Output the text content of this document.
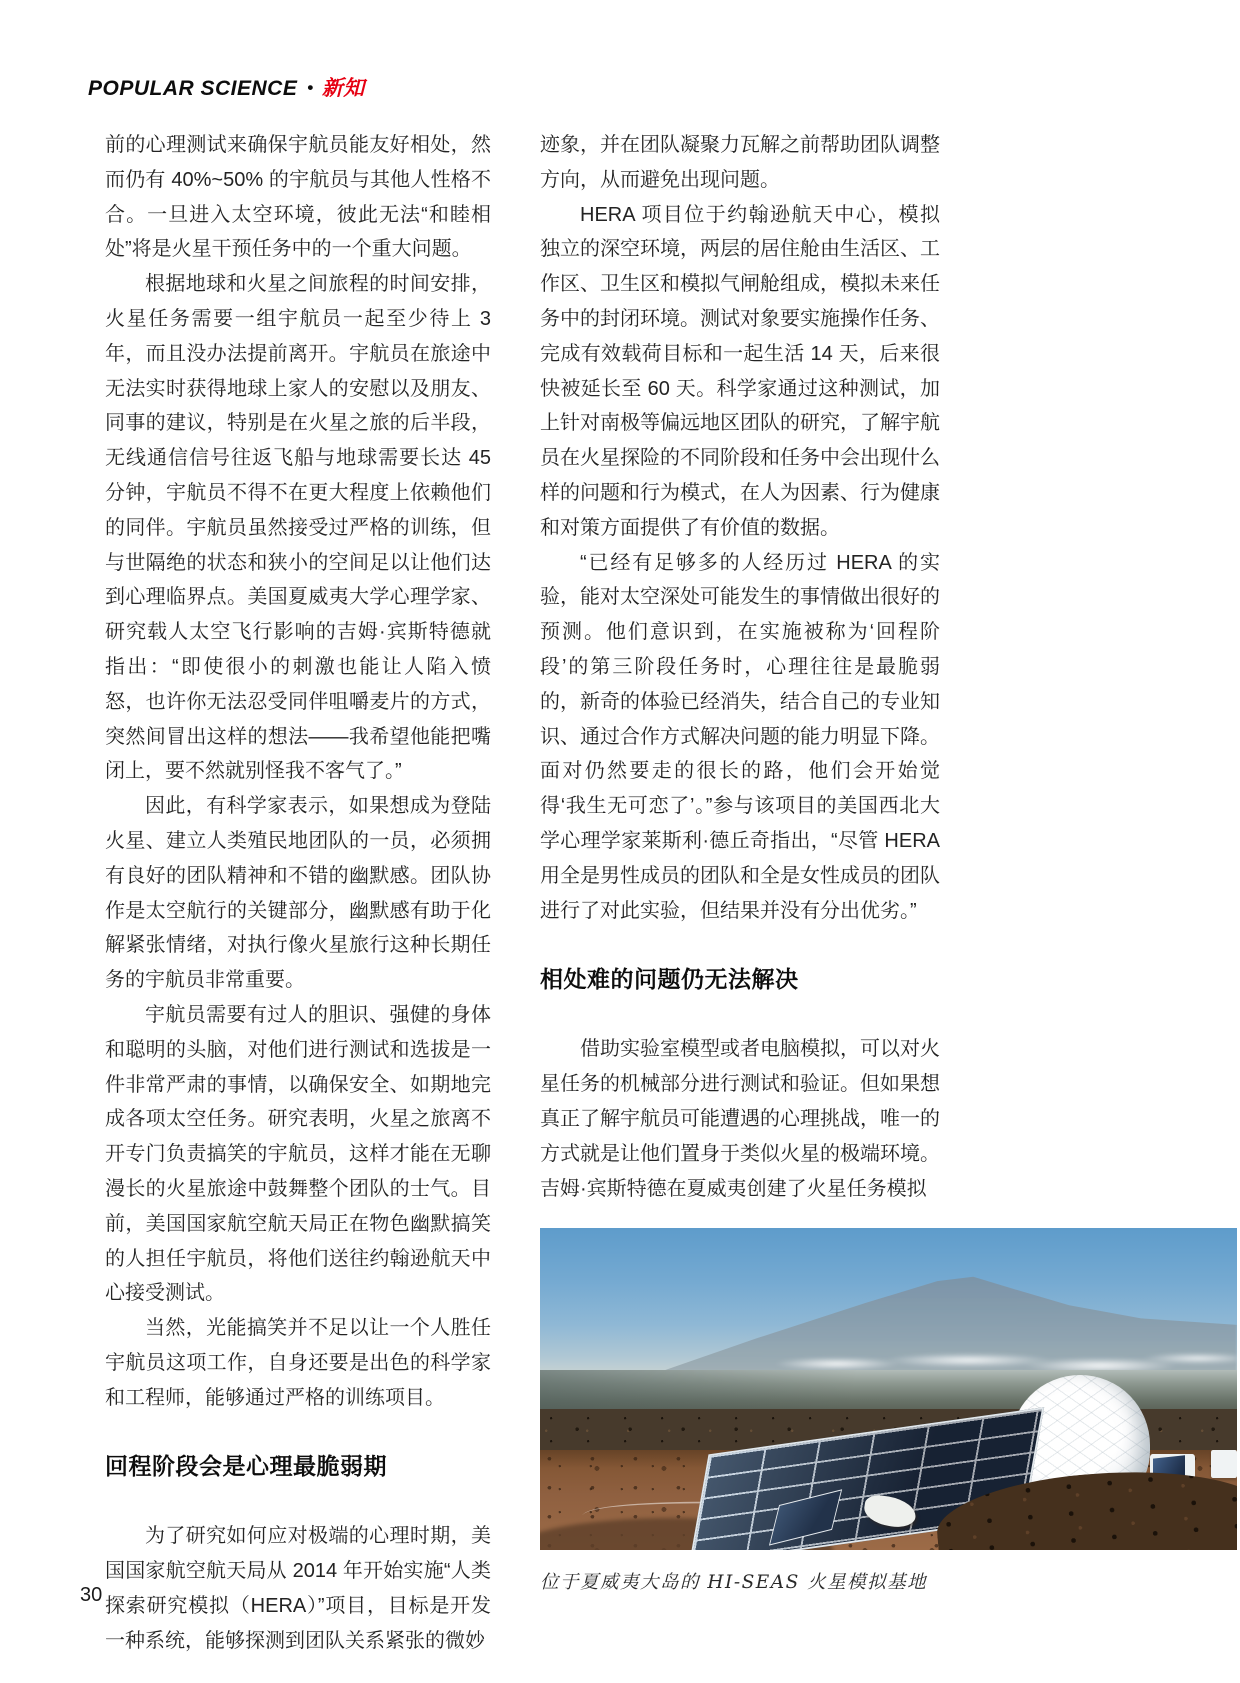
POPULAR SCIENCE • 新知

前的心理测试来确保宇航员能友好相处，然而仍有 40%~50% 的宇航员与其他人性格不合。一旦进入太空环境，彼此无法“和睦相处”将是火星干预任务中的一个重大问题。

根据地球和火星之间旅程的时间安排，火星任务需要一组宇航员一起至少待上 3 年，而且没办法提前离开。宇航员在旅途中无法实时获得地球上家人的安慰以及朋友、同事的建议，特别是在火星之旅的后半段，无线通信信号往返飞船与地球需要长达 45 分钟，宇航员不得不在更大程度上依赖他们的同伴。宇航员虽然接受过严格的训练，但与世隔绝的状态和狭小的空间足以让他们达到心理临界点。美国夏威夷大学心理学家、研究载人太空飞行影响的吉姆·宾斯特德就指出：“即使很小的刺激也能让人陷入愤怒，也许你无法忍受同伴咀嚼麦片的方式，突然间冒出这样的想法——我希望他能把嘴闭上，要不然就别怪我不客气了。”

因此，有科学家表示，如果想成为登陆火星、建立人类殖民地团队的一员，必须拥有良好的团队精神和不错的幽默感。团队协作是太空航行的关键部分，幽默感有助于化解紧张情绪，对执行像火星旅行这种长期任务的宇航员非常重要。

宇航员需要有过人的胆识、强健的身体和聪明的头脑，对他们进行测试和选拔是一件非常严肃的事情，以确保安全、如期地完成各项太空任务。研究表明，火星之旅离不开专门负责搞笑的宇航员，这样才能在无聊漫长的火星旅途中鼓舞整个团队的士气。目前，美国国家航空航天局正在物色幽默搞笑的人担任宇航员，将他们送往约翰逊航天中心接受测试。

当然，光能搞笑并不足以让一个人胜任宇航员这项工作，自身还要是出色的科学家和工程师，能够通过严格的训练项目。

回程阶段会是心理最脆弱期

为了研究如何应对极端的心理时期，美国国家航空航天局从 2014 年开始实施“人类探索研究模拟（HERA）”项目，目标是开发一种系统，能够探测到团队关系紧张的微妙

迹象，并在团队凝聚力瓦解之前帮助团队调整方向，从而避免出现问题。

HERA 项目位于约翰逊航天中心，模拟独立的深空环境，两层的居住舱由生活区、工作区、卫生区和模拟气闸舱组成，模拟未来任务中的封闭环境。测试对象要实施操作任务、完成有效载荷目标和一起生活 14 天，后来很快被延长至 60 天。科学家通过这种测试，加上针对南极等偏远地区团队的研究，了解宇航员在火星探险的不同阶段和任务中会出现什么样的问题和行为模式，在人为因素、行为健康和对策方面提供了有价值的数据。

“已经有足够多的人经历过 HERA 的实验，能对太空深处可能发生的事情做出很好的预测。他们意识到，在实施被称为‘回程阶段’的第三阶段任务时，心理往往是最脆弱的，新奇的体验已经消失，结合自己的专业知识、通过合作方式解决问题的能力明显下降。面对仍然要走的很长的路，他们会开始觉得‘我生无可恋了’。”参与该项目的美国西北大学心理学家莱斯利·德丘奇指出，“尽管 HERA 用全是男性成员的团队和全是女性成员的团队进行了对此实验，但结果并没有分出优劣。”

相处难的问题仍无法解决

借助实验室模型或者电脑模拟，可以对火星任务的机械部分进行测试和验证。但如果想真正了解宇航员可能遭遇的心理挑战，唯一的方式就是让他们置身于类似火星的极端环境。吉姆·宾斯特德在夏威夷创建了火星任务模拟

位于夏威夷大岛的 HI-SEAS 火星模拟基地
30
